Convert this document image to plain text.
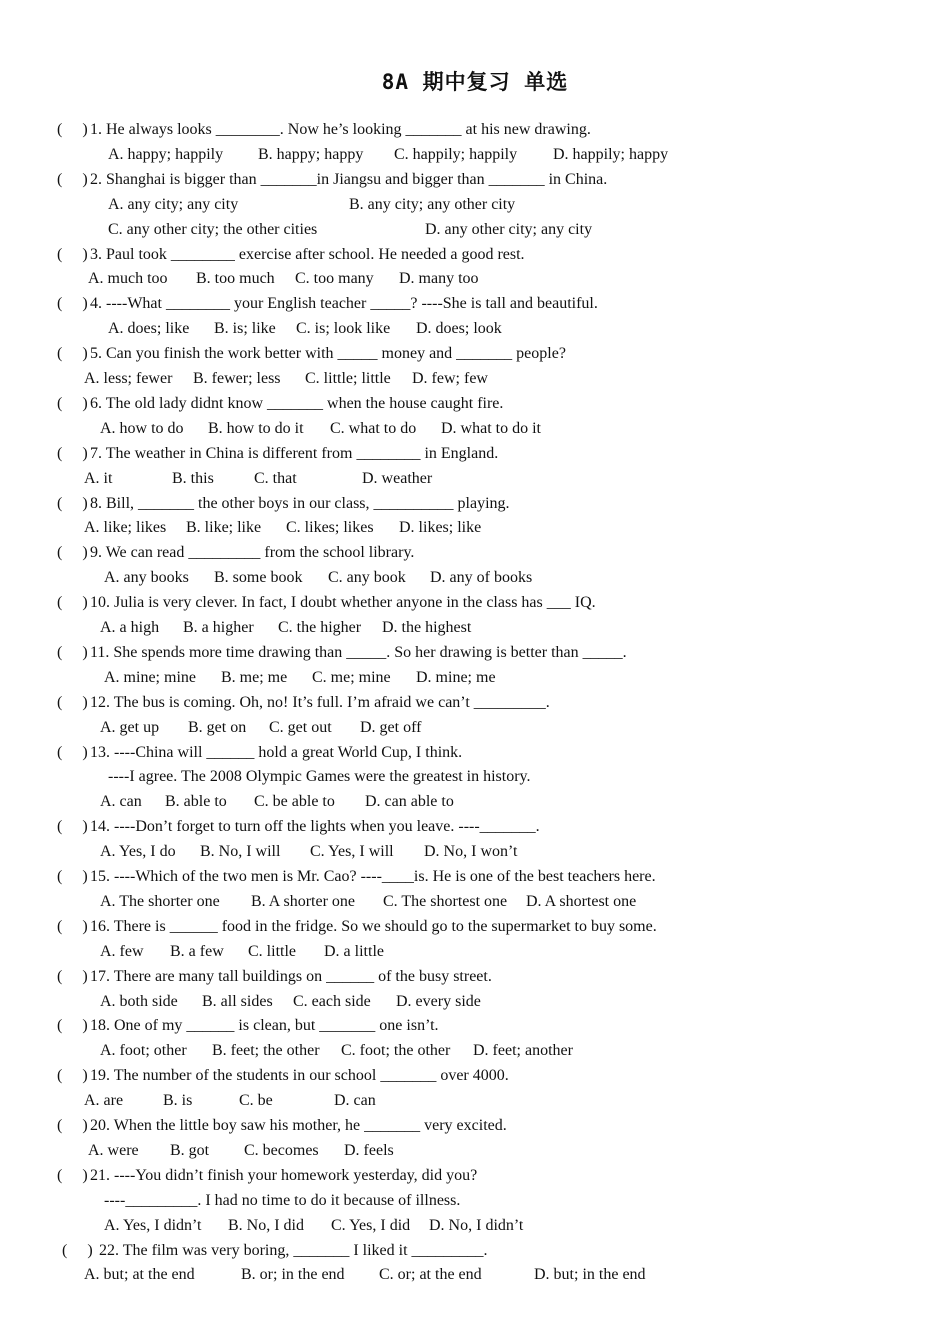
8A 期中复习 单选
(     ) 1. He always looks ________. Now he’s looking _______ at his new drawing.
A. happy; happily B. happy; happy C. happily; happily D. happily; happy
(     ) 2. Shanghai is bigger than _______in Jiangsu and bigger than _______ in China.
A. any city; any city	B. any city; any other city
C. any other city; the other cities	D. any other city; any city
(     ) 3. Paul took ________ exercise after school. He needed a good rest.
A. much too B. too much C. too many D. many too
(     ) 4. ----What ________ your English teacher _____? ----She is tall and beautiful.
A. does; like B. is; like C. is; look like D. does; look
(     ) 5. Can you finish the work better with _____ money and _______ people?
A. less; fewer B. fewer; less C. little; little D. few; few
(     ) 6. The old lady didnt know _______ when the house caught fire.
A. how to do B. how to do it C. what to do D. what to do it
(     ) 7. The weather in China is different from ________ in England.
A. it	B. this	C. that	D. weather
(     ) 8. Bill, _______ the other boys in our class, __________ playing.
A. like; likes B. like; like C. likes; likes D. likes; like
(     ) 9. We can read _________ from the school library.
A. any books B. some book C. any book D. any of books
(     ) 10. Julia is very clever. In fact, I doubt whether anyone in the class has ___ IQ.
A. a high B. a higher C. the higher D. the highest
(     ) 11. She spends more time drawing than _____. So her drawing is better than _____.
A. mine; mine B. me; me C. me; mine D. mine; me
(     ) 12. The bus is coming. Oh, no! It’s full. I’m afraid we can’t _________.
A. get up B. get on C. get out D. get off
(     ) 13. ----China will ______ hold a great World Cup, I think.
----I agree. The 2008 Olympic Games were the greatest in history.
A. can B. able to C. be able to D. can able to
(     ) 14. ----Don’t forget to turn off the lights when you leave. ----_______.
A. Yes, I do B. No, I will C. Yes, I will D. No, I won’t
(     ) 15. ----Which of the two men is Mr. Cao? ----____is. He is one of the best teachers here.
A. The shorter one B. A shorter one C. The shortest one D. A shortest one
(     ) 16. There is ______ food in the fridge. So we should go to the supermarket to buy some.
A. few B. a few C. little D. a little
(     ) 17. There are many tall buildings on ______ of the busy street.
A. both side B. all sides C. each side D. every side
(     ) 18. One of my ______ is clean, but _______ one isn’t.
A. foot; other B. feet; the other C. foot; the other D. feet; another
(     ) 19. The number of the students in our school _______ over 4000.
A. are B. is	C. be	D. can
(     ) 20. When the little boy saw his mother, he _______ very excited.
A. were B. got C. becomes D. feels
(     ) 21. ----You didn’t finish your homework yesterday, did you?
----_________. I had no time to do it because of illness.
A. Yes, I didn’t B. No, I did C. Yes, I did D. No, I didn’t
(     ) 22. The film was very boring, _______ I liked it _________.
A. but; at the end	B. or; in the end C. or; at the end	D. but; in the end
